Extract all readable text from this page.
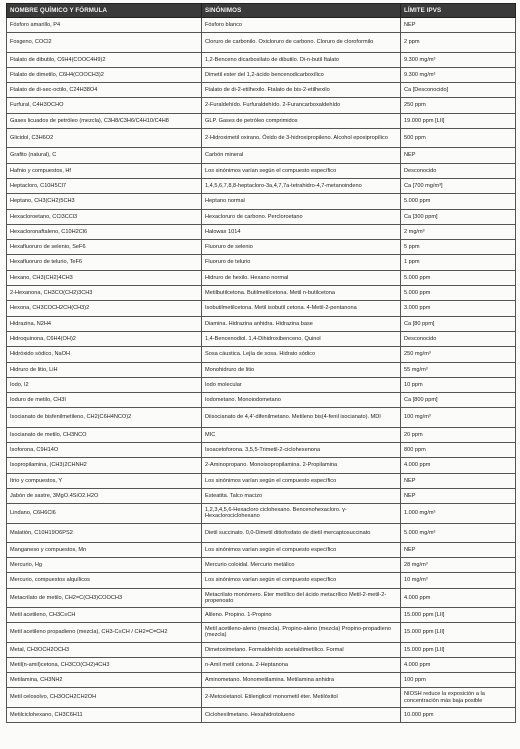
NOMBRE QUÍMICO Y FÓRMULA	SINÓNIMOS	LÍMITE IPVS

Fósforo amarillo, P4	Fósforo blanco	NEP

Fosgeno, COCl2	Cloruro de carbonilo. Oxicloruro de carbono. Cloruro de cloroformilo	2 ppm

Ftalato de dibutilo, C6H4(COOC4H9)2	1,2-Benceno dicarboxilato de dibutilo. Di-n-butil ftalato	9.300 mg/m³

Ftalato de dimetilo, C6H4(COOCH3)2	Dimetil ester del 1,2-ácido bencenodicarboxílico	9.300 mg/m³

Ftalato de di-sec-octilo, C24H38O4	Ftalato de di-2-etilhexilo. Ftalato de bis-2-etilhexilo	Ca [Desconocido]

Furfural, C4H3OCHO	2-Furaldehído. Furfuraldehído. 2-Furancarboxaldehído	250 ppm

Gases licuados de petróleo (mezcla), C3H8/C3H6/C4H10/C4H8	GLP. Gases de petróleo comprimidos	19.000 ppm [LII]

Glicidol, C3H6O2	2-Hidroximetil oxirano. Óxido de 3-hidroxipropileno. Alcohol epoxipropílico	500 ppm

Grafito (natural), C	Carbón mineral	NEP

Hafnio y compuestos, Hf	Los sinónimos varían según el compuesto específico	Desconocido

Heptacloro, C10H5Cl7	1,4,5,6,7,8,8-heptacloro-3a,4,7,7a-tetrahidro-4,7-metanoindeno	Ca [700 mg/m³]

Heptano, CH3(CH2)5CH3	Heptano normal	5.000 ppm

Hexacloroetano, CCl3CCl3	Hexacloruro de carbono. Percloroetano	Ca [300 ppm]

Hexacloronaftaleno, C10H2Cl6	Halowax 1014	2 mg/m³

Hexafluoruro de selenio, SeF6	Fluoruro de selenio	5 ppm

Hexafluoruro de telurio, TeF6	Fluoruro de telurio	1 ppm

Hexano, CH3(CH2)4CH3	Hidruro de hexilo. Hexano normal	5.000 ppm

2-Hexanona, CH3CO(CH2)3CH3	Metilbutilcetona. Butilmetilcetona. Metil n-butilcetona	5.000 ppm

Hexona, CH3COCH2CH(CH3)2	Isobutilmetilcetona. Metil isobutil cetona. 4-Metil-2-pentanona	3.000 ppm

Hidrazina, N2H4	Diamina. Hidrazina anhidra. Hidrazina base	Ca [80 ppm]

Hidroquinona, C6H4(OH)2	1,4-Bencenodiol. 1,4-Dihidroxibenceno. Quinol	Desconocido

Hidróxido sódico, NaOH	Sosa cáustica. Lejía de sosa. Hidrato sódico	250 mg/m³

Hidruro de litio, LiH	Monohidruro de litio	55 mg/m³

Iodo, I2	Iodo molecular	10 ppm

Ioduro de metilo, CH3I	Iodometano. Monoiodometano	Ca [800 ppm]

Isocianato de bisfenilmetileno, CH2(C6H4NCO)2	Diisocianato de 4,4'-difenilmetano. Metileno bis(4-fenil isocianato). MDI	100 mg/m³

Isocianato de metilo, CH3NCO	MIC	20 ppm

Isoforona, C9H14O	Isoacetoforona. 3,5,5-Trimetil-2-ciclohexenona	800 ppm

Isopropilamina, (CH3)2CHNH2	2-Aminopropano. Monoisopropilamina. 2-Propilamina	4.000 ppm

Itrio y compuestos, Y	Los sinónimos varían según el compuesto específico	NEP

Jabón de sastre, 3MgO.4SiO2.H2O	Esteatita. Talco macizo	NEP

Lindano, C6H6Cl6	1,2,3,4,5,6-Hexacloro ciclohexano. Bencenohexacloro. γ-Hexaclorociclohexano	1.000 mg/m³

Malatión, C10H19O6PS2	Dietil succinato. 0,0-Dimetil ditiofosfato de dietil mercaptosuccinato	5.000 mg/m³

Manganeso y compuestos, Mn	Los sinónimos varían según el compuesto específico	NEP

Mercurio, Hg	Mercurio coloidal. Mercurio metálico	28 mg/m³

Mercurio, compuestos alquílicos	Los sinónimos varían según el compuesto específico	10 mg/m³

Metacrilato de metilo, CH2=C(CH3)COOCH3	Metacrilato monómero. Éter metílico del ácido metacrílico Metil-2-metil-2-propenoato	4.000 ppm

Metil acetileno, CH3C≡CH	Alileno. Propino. 1-Propino	15.000 ppm [LII]

Metil acetileno propadieno (mezcla), CH3-C≡CH / CH2=C=CH2	Metil acetileno-aleno (mezcla). Propino-aleno (mezcla) Propino-propadieno (mezcla)	15.000 ppm [LII]

Metal, CH3OCH2OCH3	Dimetoximetano. Formaldehído acetaldimetílico. Formal	15.000 ppm [LII]

Metil(n-amil)cetona, CH3CO(CH2)4CH3	n-Amil metil cetona. 2-Heptanona	4.000 ppm

Metilamina, CH3NH2	Aminometano. Monometilamina. Metilamina anhidra	100 ppm

Metil celosolvo, CH3OCH2CH2OH	2-Metoxietanol. Etilenglicol monometil éter. Metilóxitol	NIOSH reduce la exposición a la concentración más baja posible

Metilciclohexano, CH3C6H11	Ciclohexilmetano. Hexahidrotolueno	10.000 ppm
